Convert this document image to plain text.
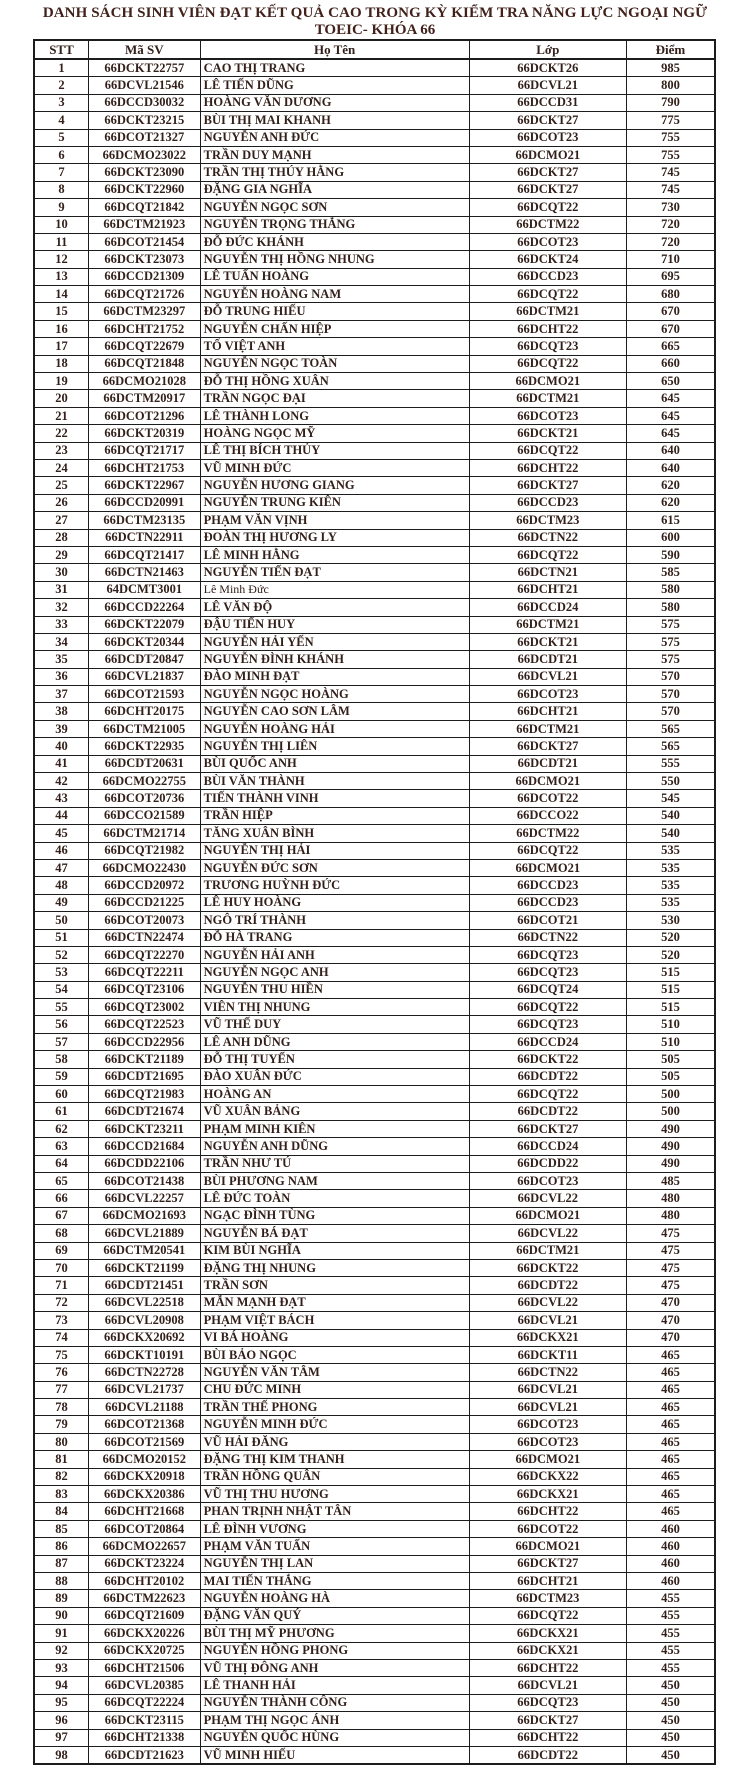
DANH SÁCH SINH VIÊN ĐẠT KẾT QUẢ CAO TRONG KỲ KIỂM TRA NĂNG LỰC NGOẠI NGỮ
TOEIC- KHÓA 66
STT	Mã SV	Họ Tên	Lớp	Điểm
1	66DCKT22757	CAO THỊ TRANG	66DCKT26	985
2	66DCVL21546	LÊ TIẾN DŨNG	66DCVL21	800
3	66DCCD30032	HOÀNG VĂN DƯƠNG	66DCCD31	790
4	66DCKT23215	BÙI THỊ MAI KHANH	66DCKT27	775
5	66DCOT21327	NGUYỄN ANH ĐỨC	66DCOT23	755
6	66DCMO23022	TRẦN DUY MẠNH	66DCMO21	755
7	66DCKT23090	TRẦN THỊ THÚY HẰNG	66DCKT27	745
8	66DCKT22960	ĐẶNG GIA NGHĨA	66DCKT27	745
9	66DCQT21842	NGUYỄN NGỌC SƠN	66DCQT22	730
10	66DCTM21923	NGUYỄN TRỌNG THẮNG	66DCTM22	720
11	66DCOT21454	ĐỖ ĐỨC KHÁNH	66DCOT23	720
12	66DCKT23073	NGUYỄN THỊ HỒNG NHUNG	66DCKT24	710
13	66DCCD21309	LÊ TUẤN HOÀNG	66DCCD23	695
14	66DCQT21726	NGUYỄN HOÀNG NAM	66DCQT22	680
15	66DCTM23297	ĐỖ TRUNG HIẾU	66DCTM21	670
16	66DCHT21752	NGUYỄN CHẤN HIỆP	66DCHT22	670
17	66DCQT22679	TỐ VIỆT ANH	66DCQT23	665
18	66DCQT21848	NGUYỄN NGỌC TOÀN	66DCQT22	660
19	66DCMO21028	ĐỖ THỊ HỒNG XUÂN	66DCMO21	650
20	66DCTM20917	TRẦN NGỌC ĐẠI	66DCTM21	645
21	66DCOT21296	LÊ THÀNH LONG	66DCOT23	645
22	66DCKT20319	HOÀNG NGỌC MỸ	66DCKT21	645
23	66DCQT21717	LÊ THỊ BÍCH THỦY	66DCQT22	640
24	66DCHT21753	VŨ MINH ĐỨC	66DCHT22	640
25	66DCKT22967	NGUYỄN HƯƠNG GIANG	66DCKT27	620
26	66DCCD20991	NGUYỄN TRUNG KIÊN	66DCCD23	620
27	66DCTM23135	PHẠM VĂN VỊNH	66DCTM23	615
28	66DCTN22911	ĐOÀN THỊ HƯƠNG LY	66DCTN22	600
29	66DCQT21417	LÊ MINH HẰNG	66DCQT22	590
30	66DCTN21463	NGUYỄN TIẾN ĐẠT	66DCTN21	585
31	64DCMT3001	Lê Minh Đức	66DCHT21	580
32	66DCCD22264	LÊ VĂN ĐỘ	66DCCD24	580
33	66DCKT22079	ĐẬU TIẾN HUY	66DCTM21	575
34	66DCKT20344	NGUYỄN HẢI YẾN	66DCKT21	575
35	66DCDT20847	NGUYỄN ĐÌNH KHÁNH	66DCDT21	575
36	66DCVL21837	ĐÀO MINH ĐẠT	66DCVL21	570
37	66DCOT21593	NGUYỄN NGỌC HOÀNG	66DCOT23	570
38	66DCHT20175	NGUYỄN CAO SƠN LÂM	66DCHT21	570
39	66DCTM21005	NGUYỄN HOÀNG HẢI	66DCTM21	565
40	66DCKT22935	NGUYỄN THỊ LIÊN	66DCKT27	565
41	66DCDT20631	BÙI QUỐC ANH	66DCDT21	555
42	66DCMO22755	BÙI VĂN THÀNH	66DCMO21	550
43	66DCOT20736	TIẾN THÀNH VINH	66DCOT22	545
44	66DCCO21589	TRẦN HIỆP	66DCCO22	540
45	66DCTM21714	TĂNG XUÂN BÌNH	66DCTM22	540
46	66DCQT21982	NGUYỄN THỊ HẢI	66DCQT22	535
47	66DCMO22430	NGUYỄN ĐỨC SƠN	66DCMO21	535
48	66DCCD20972	TRƯƠNG HUỲNH ĐỨC	66DCCD23	535
49	66DCCD21225	LÊ HUY HOÀNG	66DCCD23	535
50	66DCOT20073	NGÔ TRÍ THÀNH	66DCOT21	530
51	66DCTN22474	ĐỖ HÀ TRANG	66DCTN22	520
52	66DCQT22270	NGUYỄN HẢI ANH	66DCQT23	520
53	66DCQT22211	NGUYỄN NGỌC ANH	66DCQT23	515
54	66DCQT23106	NGUYỄN THU HIỀN	66DCQT24	515
55	66DCQT23002	VIÊN THỊ NHUNG	66DCQT22	515
56	66DCQT22523	VŨ THẾ DUY	66DCQT23	510
57	66DCCD22956	LÊ ANH DŨNG	66DCCD24	510
58	66DCKT21189	ĐỖ THỊ TUYẾN	66DCKT22	505
59	66DCDT21695	ĐÀO XUÂN ĐỨC	66DCDT22	505
60	66DCQT21983	HOÀNG AN	66DCQT22	500
61	66DCDT21674	VŨ XUÂN BẢNG	66DCDT22	500
62	66DCKT23211	PHẠM MINH KIÊN	66DCKT27	490
63	66DCCD21684	NGUYỄN ANH DŨNG	66DCCD24	490
64	66DCDD22106	TRẦN NHƯ TÚ	66DCDD22	490
65	66DCOT21438	BÙI PHƯƠNG NAM	66DCOT23	485
66	66DCVL22257	LÊ ĐỨC TOÀN	66DCVL22	480
67	66DCMO21693	NGẠC ĐÌNH TÙNG	66DCMO21	480
68	66DCVL21889	NGUYỄN BÁ ĐẠT	66DCVL22	475
69	66DCTM20541	KIM BÙI NGHĨA	66DCTM21	475
70	66DCKT21199	ĐẶNG THỊ NHUNG	66DCKT22	475
71	66DCDT21451	TRẦN SƠN	66DCDT22	475
72	66DCVL22518	MẪN MẠNH ĐẠT	66DCVL22	470
73	66DCVL20908	PHẠM VIỆT BÁCH	66DCVL21	470
74	66DCKX20692	VI BÁ HOÀNG	66DCKX21	470
75	66DCKT10191	BÙI BẢO NGỌC	66DCKT11	465
76	66DCTN22728	NGUYỄN VĂN TÂM	66DCTN22	465
77	66DCVL21737	CHU ĐỨC MINH	66DCVL21	465
78	66DCVL21188	TRẦN THẾ PHONG	66DCVL21	465
79	66DCOT21368	NGUYỄN MINH ĐỨC	66DCOT23	465
80	66DCOT21569	VŨ HẢI ĐĂNG	66DCOT23	465
81	66DCMO20152	ĐẶNG THỊ KIM THANH	66DCMO21	465
82	66DCKX20918	TRẦN HỒNG QUÂN	66DCKX22	465
83	66DCKX20386	VŨ THỊ THU HƯƠNG	66DCKX21	465
84	66DCHT21668	PHAN TRỊNH NHẬT TÂN	66DCHT22	465
85	66DCOT20864	LÊ ĐÌNH VƯƠNG	66DCOT22	460
86	66DCMO22657	PHẠM VĂN TUẤN	66DCMO21	460
87	66DCKT23224	NGUYỄN THỊ LAN	66DCKT27	460
88	66DCHT20102	MAI TIẾN THẮNG	66DCHT21	460
89	66DCTM22623	NGUYỄN HOÀNG HÀ	66DCTM23	455
90	66DCQT21609	ĐẶNG VĂN QUÝ	66DCQT22	455
91	66DCKX20226	BÙI THỊ MỸ PHƯƠNG	66DCKX21	455
92	66DCKX20725	NGUYỄN HỒNG PHONG	66DCKX21	455
93	66DCHT21506	VŨ THỊ ĐÔNG ANH	66DCHT22	455
94	66DCVL20385	LÊ THANH HẢI	66DCVL21	450
95	66DCQT22224	NGUYỄN THÀNH CÔNG	66DCQT23	450
96	66DCKT23115	PHẠM THỊ NGỌC ÁNH	66DCKT27	450
97	66DCHT21338	NGUYỄN QUỐC HÙNG	66DCHT22	450
98	66DCDT21623	VŨ MINH HIẾU	66DCDT22	450
